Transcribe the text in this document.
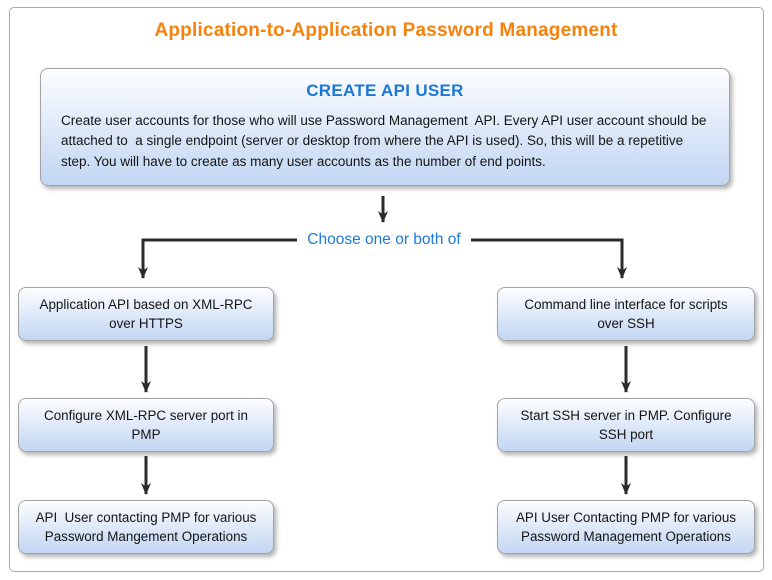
Application-to-Application Password Management
CREATE API USER
Create user accounts for those who will use Password Management  API. Every API user account should be attached to  a single endpoint (server or desktop from where the API is used). So, this will be a repetitive step. You will have to create as many user accounts as the number of end points.
Choose one or both of
Application API based on XML-RPC over HTTPS
Configure XML-RPC server port in PMP
API  User contacting PMP for various Password Mangement Operations
Command line interface for scripts over SSH
Start SSH server in PMP. Configure SSH port
API User Contacting PMP for various Password Management Operations
